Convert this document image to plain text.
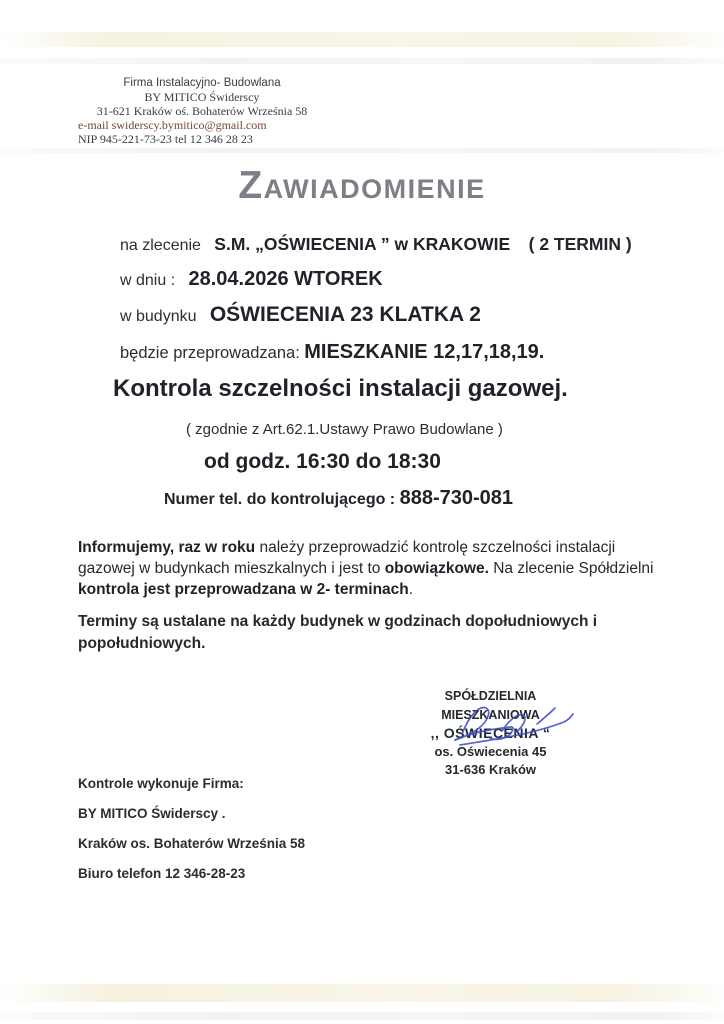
Firma Instalacyjno- Budowlana
BY MITICO Świderscy
31-621 Kraków oś. Bohaterów Września 58
e-mail swiderscy.bymitico@gmail.com
NIP 945-221-73-23 tel 12 346 28 23
Zawiadomienie
na zlecenie S.M. „OŚWIECENIA ” w KRAKOWIE ( 2 TERMIN )
w dniu : 28.04.2026 WTOREK
w budynku OŚWIECENIA 23 KLATKA 2
będzie przeprowadzana: MIESZKANIE 12,17,18,19.
Kontrola szczelności instalacji gazowej.
( zgodnie z Art.62.1.Ustawy Prawo Budowlane )
od godz. 16:30 do 18:30
Numer tel. do kontrolującego : 888-730-081
Informujemy, raz w roku należy przeprowadzić kontrolę szczelności instalacji gazowej w budynkach mieszkalnych i jest to obowiązkowe. Na zlecenie Spółdzielni kontrola jest przeprowadzana w 2- terminach.
Terminy są ustalane na każdy budynek w godzinach dopołudniowych i popołudniowych.
SPÓŁDZIELNIA MIESZKANIOWA
,, OŚWIECENIA “
os. Oświecenia 45
31-636 Kraków
Kontrole wykonuje Firma:
BY MITICO Świderscy .
Kraków os. Bohaterów Września 58
Biuro telefon 12 346-28-23
